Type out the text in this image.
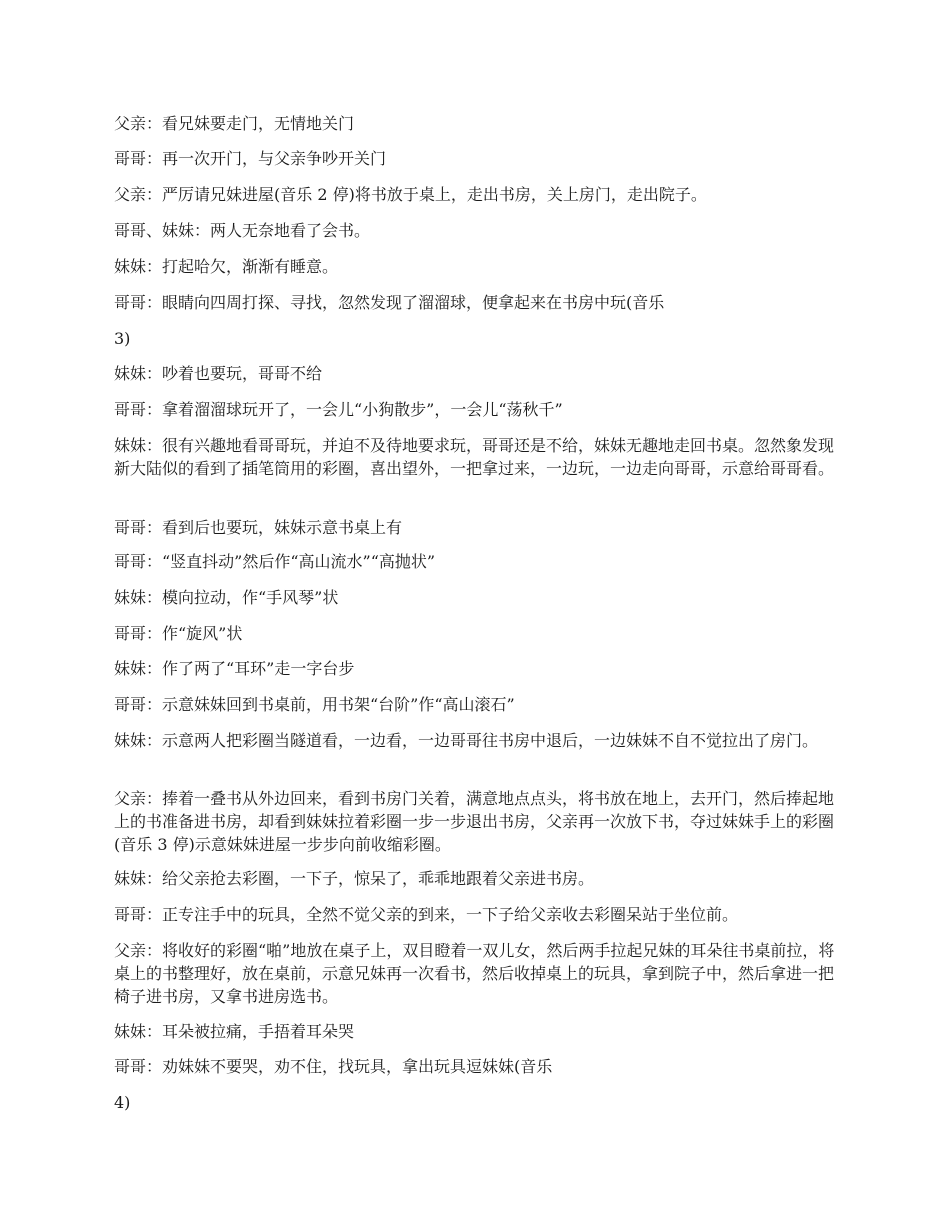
父亲：看兄妹要走门，无情地关门

哥哥：再一次开门，与父亲争吵开关门

父亲：严厉请兄妹进屋(音乐 2 停)将书放于桌上，走出书房，关上房门，走出院子。

哥哥、妹妹：两人无奈地看了会书。

妹妹：打起哈欠，渐渐有睡意。

哥哥：眼睛向四周打探、寻找，忽然发现了溜溜球，便拿起来在书房中玩(音乐

3)

妹妹：吵着也要玩，哥哥不给

哥哥：拿着溜溜球玩开了，一会儿“小狗散步”，一会儿“荡秋千”

妹妹：很有兴趣地看哥哥玩，并迫不及待地要求玩，哥哥还是不给，妹妹无趣地走回书桌。忽然象发现新大陆似的看到了插笔筒用的彩圈，喜出望外，一把拿过来，一边玩，一边走向哥哥，示意给哥哥看。

哥哥：看到后也要玩，妹妹示意书桌上有

哥哥：“竖直抖动”然后作“高山流水”“高抛状”

妹妹：模向拉动，作“手风琴”状

哥哥：作“旋风”状

妹妹：作了两了“耳环”走一字台步

哥哥：示意妹妹回到书桌前，用书架“台阶”作“高山滚石”

妹妹：示意两人把彩圈当隧道看，一边看，一边哥哥往书房中退后，一边妹妹不自不觉拉出了房门。

父亲：捧着一叠书从外边回来，看到书房门关着，满意地点点头，将书放在地上，去开门，然后捧起地上的书准备进书房，却看到妹妹拉着彩圈一步一步退出书房，父亲再一次放下书，夺过妹妹手上的彩圈(音乐 3 停)示意妹妹进屋一步步向前收缩彩圈。

妹妹：给父亲抢去彩圈，一下子，惊呆了，乖乖地跟着父亲进书房。

哥哥：正专注手中的玩具，全然不觉父亲的到来，一下子给父亲收去彩圈呆站于坐位前。

父亲：将收好的彩圈“啪”地放在桌子上，双目瞪着一双儿女，然后两手拉起兄妹的耳朵往书桌前拉，将桌上的书整理好，放在桌前，示意兄妹再一次看书，然后收掉桌上的玩具，拿到院子中，然后拿进一把椅子进书房，又拿书进房选书。

妹妹：耳朵被拉痛，手捂着耳朵哭

哥哥：劝妹妹不要哭，劝不住，找玩具，拿出玩具逗妹妹(音乐

4)
